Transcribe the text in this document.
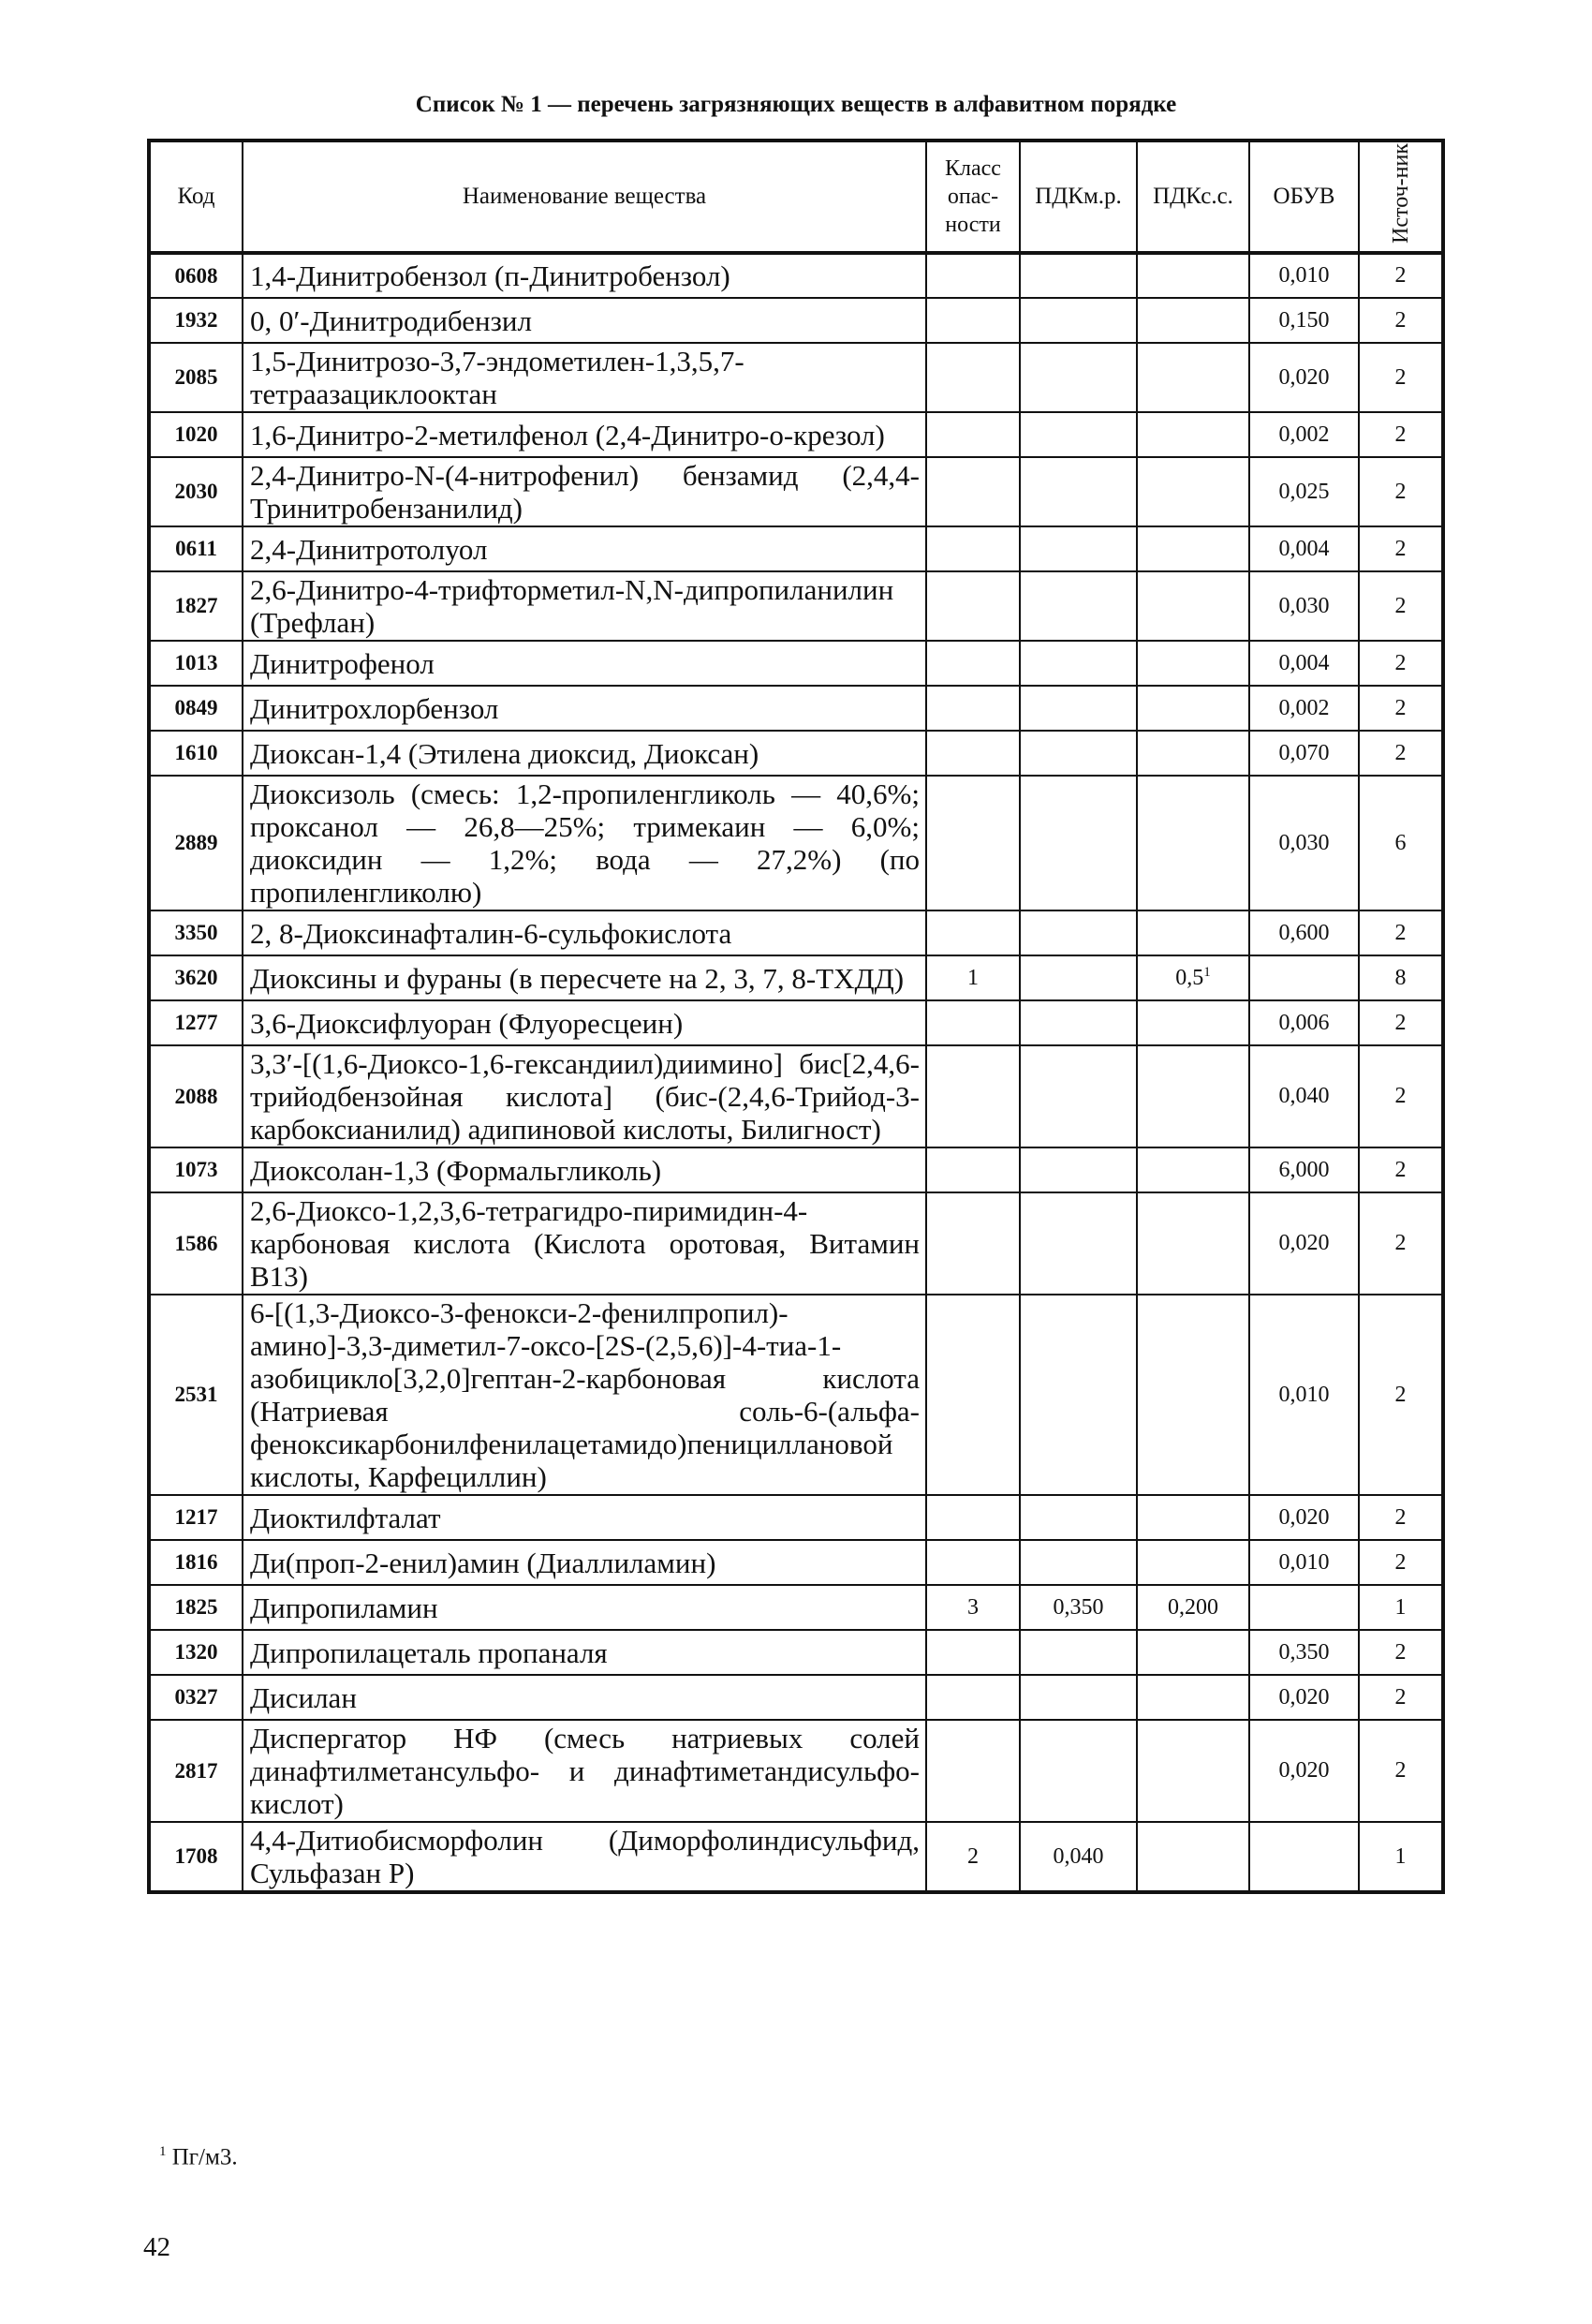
Список № 1 — перечень загрязняющих веществ в алфавитном порядке
Код	Наименование вещества	Класс опас-ности	ПДКм.р.	ПДКс.с.	ОБУВ	Источ-ник
0608	1,4-Динитробензол (п-Динитробензол)				0,010	2
1932	0, 0′-Динитродибензил				0,150	2
2085	1,5-Динитрозо-3,7-эндометилен-1,3,5,7-тетраазациклооктан				0,020	2
1020	1,6-Динитро-2-метилфенол (2,4-Динитро-о-крезол)				0,002	2
2030	2,4-Динитро-N-(4-нитрофенил) бензамид (2,4,4-Тринитробензанилид)				0,025	2
0611	2,4-Динитротолуол				0,004	2
1827	2,6-Динитро-4-трифторметил-N,N-дипропиланилин (Трефлан)				0,030	2
1013	Динитрофенол				0,004	2
0849	Динитрохлорбензол				0,002	2
1610	Диоксан-1,4 (Этилена диоксид, Диоксан)				0,070	2
2889	Диоксизоль (смесь: 1,2-пропиленгликоль — 40,6%; проксанол — 26,8—25%; тримекаин — 6,0%; диоксидин — 1,2%; вода — 27,2%) (по пропиленгликолю)				0,030	6
3350	2, 8-Диоксинафталин-6-сульфокислота				0,600	2
3620	Диоксины и фураны (в пересчете на 2, 3, 7, 8-ТХДД)	1		$0,5^1$		8
1277	3,6-Диоксифлуоран (Флуоресцеин)				0,006	2
2088	3,3′-[(1,6-Диоксо-1,6-гександиил)диимино] бис[2,4,6-трийодбензойная кислота] (бис-(2,4,6-Трийод-3-карбоксианилид) адипиновой кислоты, Билигност)				0,040	2
1073	Диоксолан-1,3 (Формальгликоль)				6,000	2
1586	2,6-Диоксо-1,2,3,6-тетрагидро-пиримидин-4-карбоновая кислота (Кислота оротовая, Витамин B13)				0,020	2
2531	6-[(1,3-Диоксо-3-фенокси-2-фенилпропил)-амино]-3,3-диметил-7-оксо-[2S-(2,5,6)]-4-тиа-1-азобицикло[3,2,0]гептан-2-карбоновая кислота (Натриевая соль-6-(альфа-феноксикарбонилфенилацетамидо)пенициллановой кислоты, Карфециллин)				0,010	2
1217	Диоктилфталат				0,020	2
1816	Ди(проп-2-енил)амин (Диаллиламин)				0,010	2
1825	Дипропиламин	3	0,350	0,200		1
1320	Дипропилацеталь пропаналя				0,350	2
0327	Дисилан				0,020	2
2817	Диспергатор НФ (смесь натриевых солей динафтилметансульфо- и динафтиметандисульфо- кислот)				0,020	2
1708	4,4-Дитиобисморфолин (Диморфолиндисульфид, Сульфазан Р)	2	0,040			1
$^1$ Пг/м3.
42
